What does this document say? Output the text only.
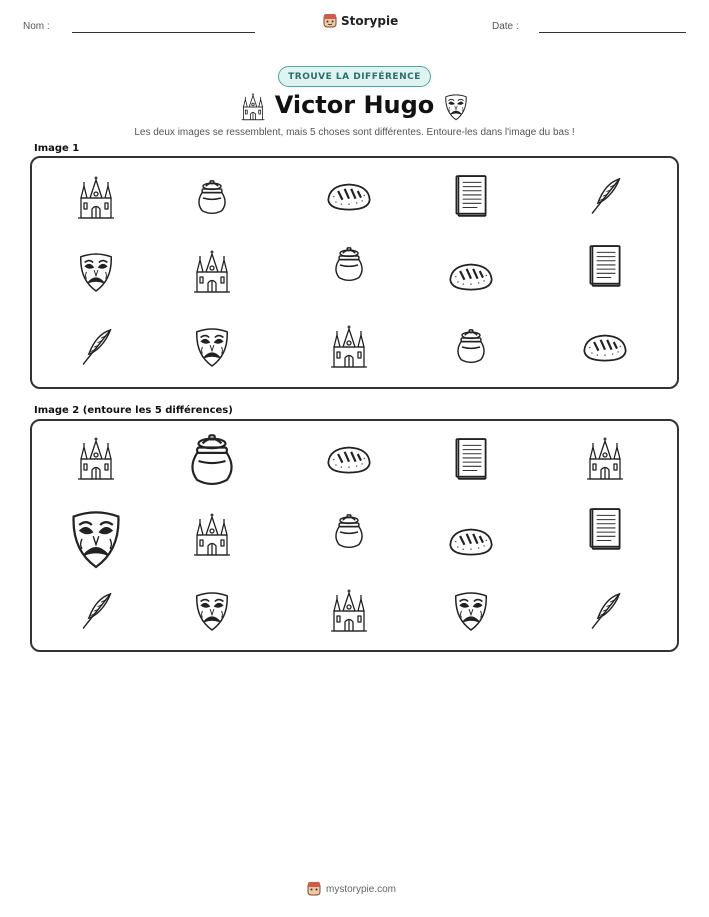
Nom :	Storypie	Date :
TROUVE LA DIFFÉRENCE
Victor Hugo
Les deux images se ressemblent, mais 5 choses sont différentes. Entoure-les dans l'image du bas !
Image 1
Image 2 (entoure les 5 différences)
mystorypie.com
